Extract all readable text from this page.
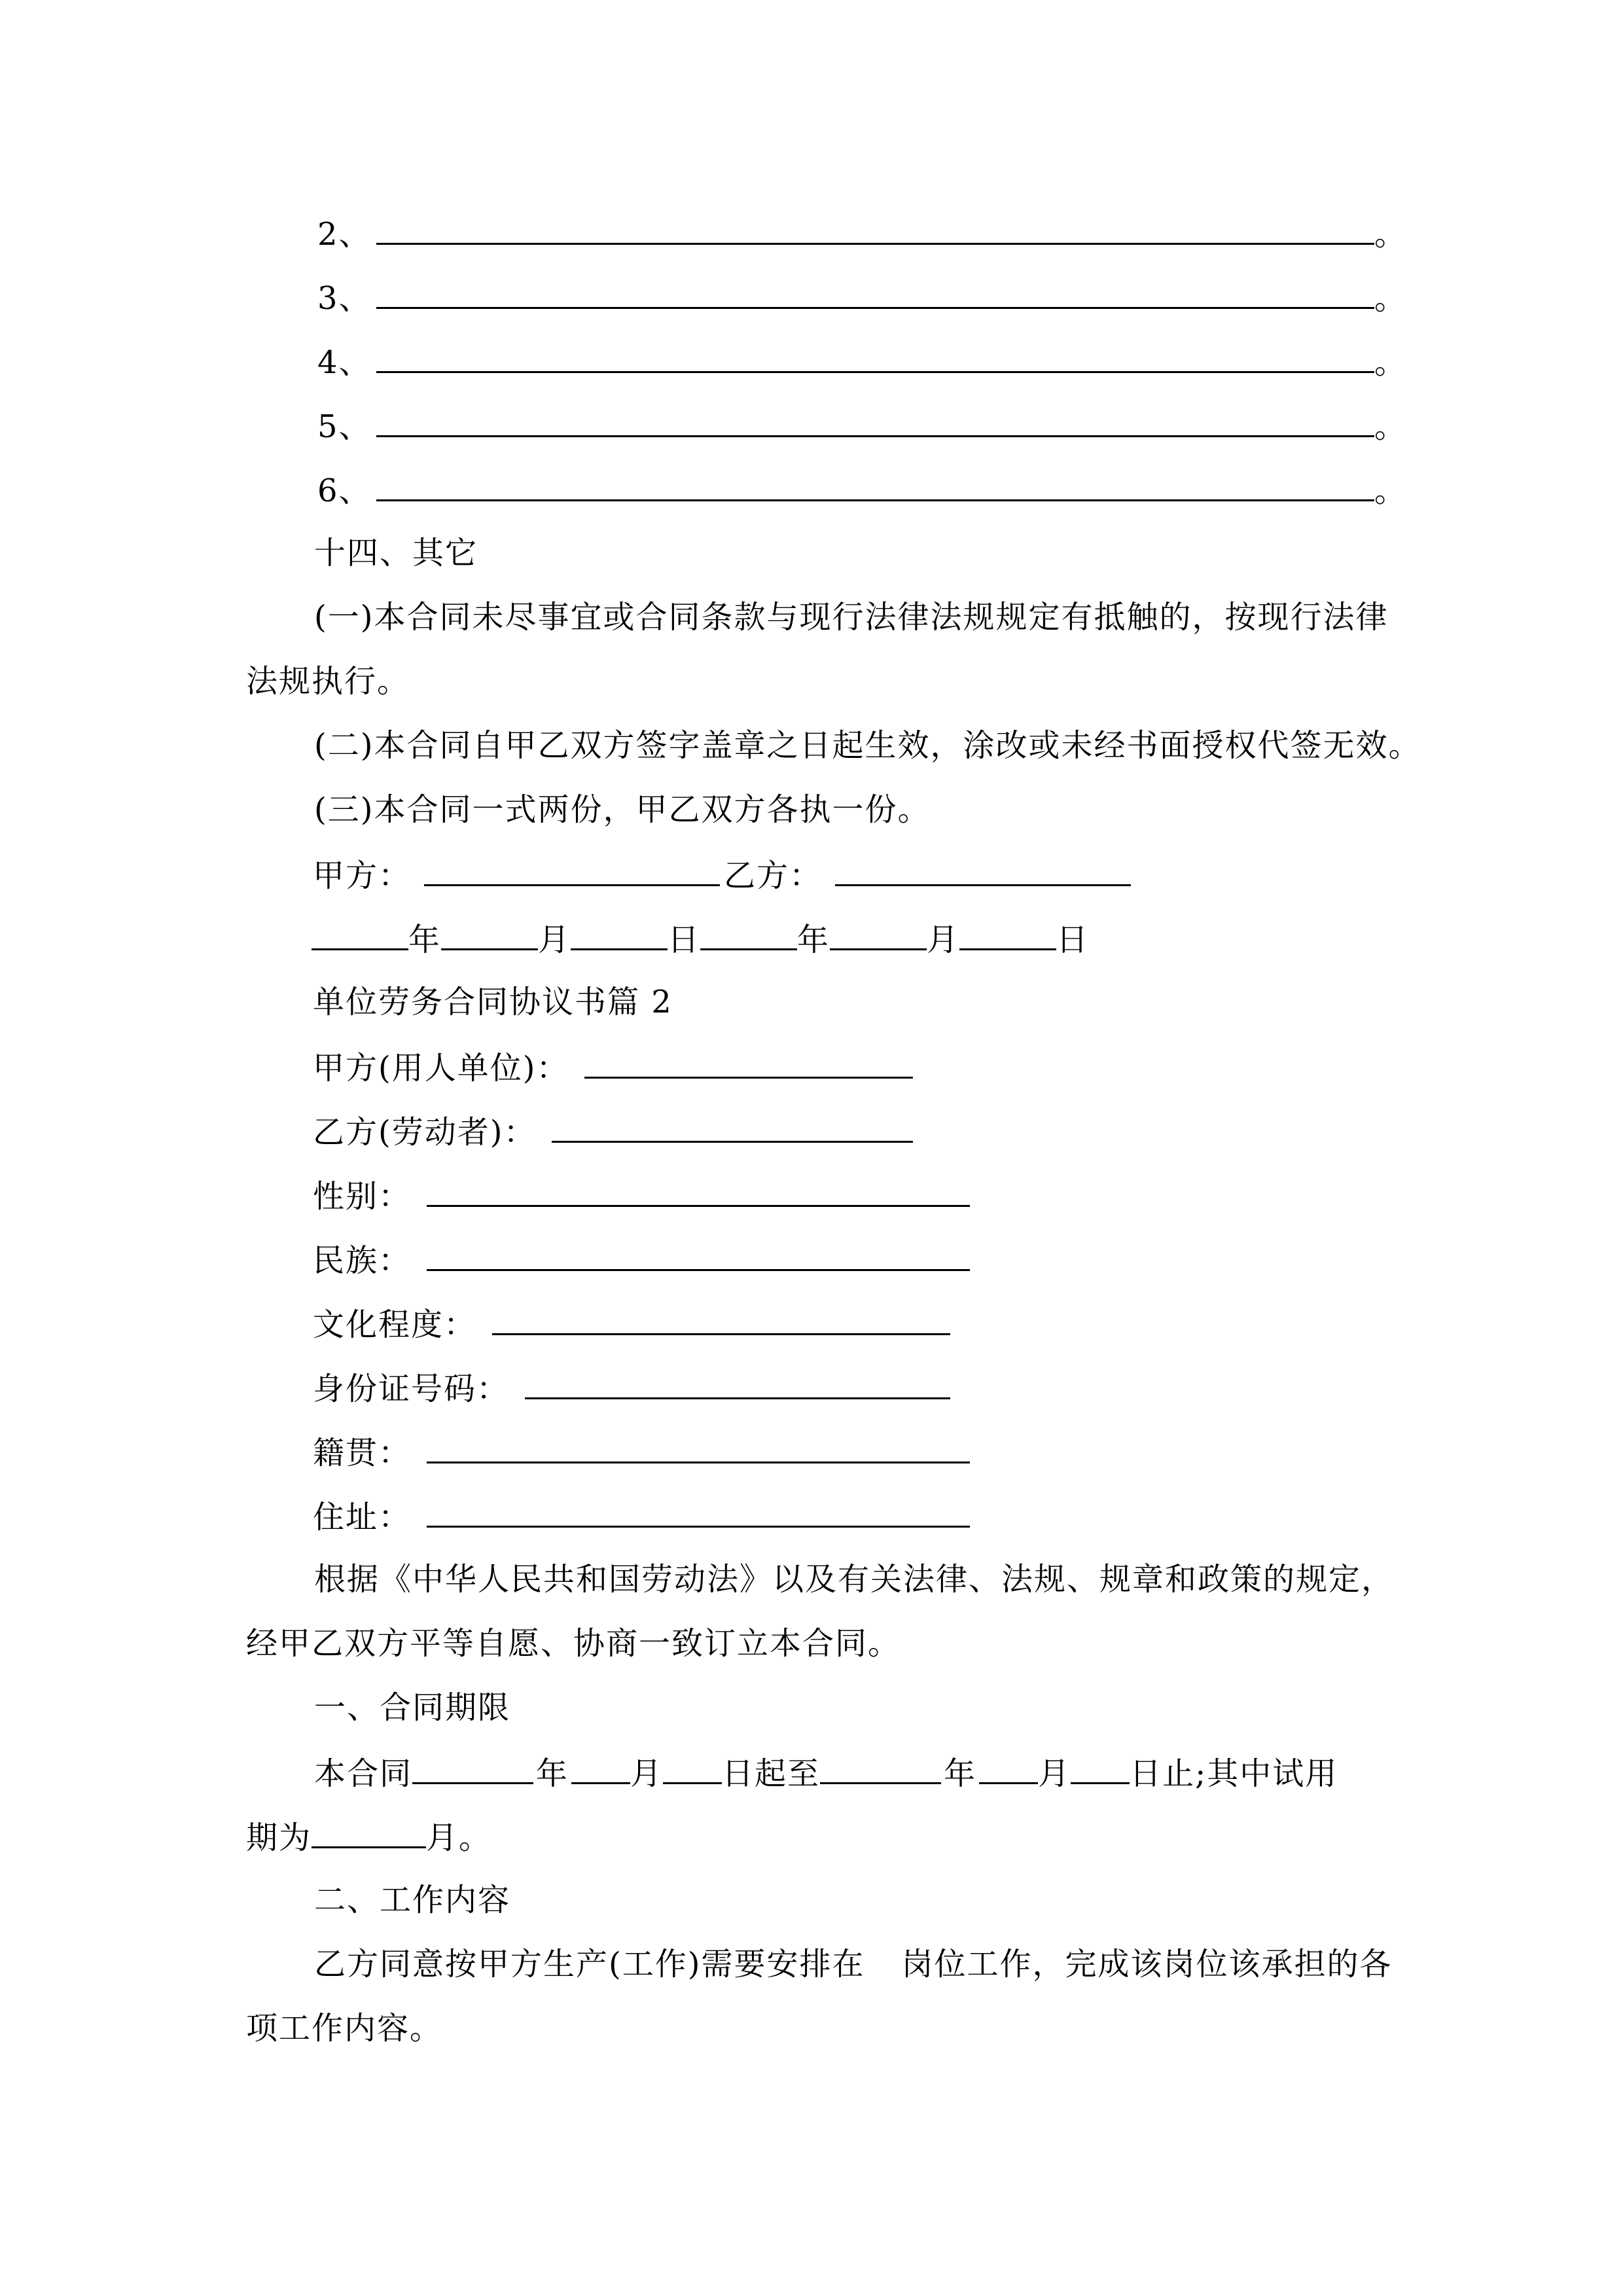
2、	。
3、	。
4、	。
5、	。
6、	。
十四、其它
(一)本合同未尽事宜或合同条款与现行法律法规规定有抵触的，按现行法律
法规执行。
(二)本合同自甲乙双方签字盖章之日起生效，涂改或未经书面授权代签无效。
(三)本合同一式两份，甲乙双方各执一份。
甲方：	乙方：
年	月	日	年	月	日
单位劳务合同协议书篇 2
甲方(用人单位)：
乙方(劳动者)：
性别：
民族：
文化程度：
身份证号码：
籍贯：
住址：
根据《中华人民共和国劳动法》以及有关法律、法规、规章和政策的规定，
经甲乙双方平等自愿、协商一致订立本合同。
一、合同期限
本合同	年 月 日起至	年 月 日止;其中试用
期为	月。
二、工作内容
乙方同意按甲方生产(工作)需要安排在 岗位工作，完成该岗位该承担的各
项工作内容。
